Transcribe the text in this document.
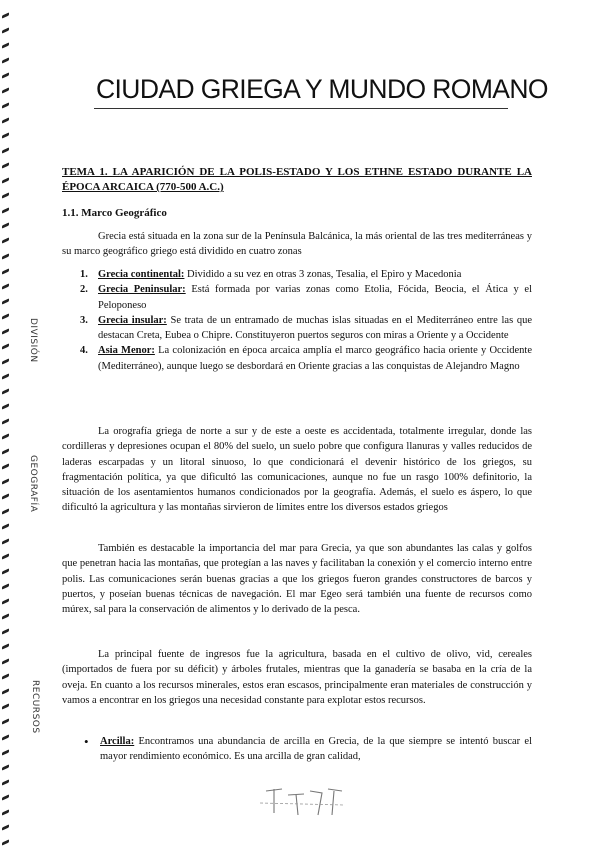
DIVISIÓN
GEOGRAFÍA
RECURSOS
CIUDAD GRIEGA Y MUNDO ROMANO
TEMA 1. LA APARICIÓN DE LA POLIS-ESTADO Y LOS ETHNE ESTADO DURANTE LA ÉPOCA ARCAICA (770-500 A.C.)
1.1. Marco Geográfico

Grecia está situada en la zona sur de la Península Balcánica, la más oriental de las tres mediterráneas y su marco geográfico griego está dividido en cuatro zonas

1. Grecia continental: Dividido a su vez en otras 3 zonas, Tesalia, el Epiro y Macedonia
2. Grecia Peninsular: Está formada por varias zonas como Etolia, Fócida, Beocia, el Ática y el Peloponeso
3. Grecia insular: Se trata de un entramado de muchas islas situadas en el Mediterráneo entre las que destacan Creta, Eubea o Chipre. Constituyeron puertos seguros con miras a Oriente y a Occidente
4. Asia Menor: La colonización en época arcaica amplía el marco geográfico hacia oriente y Occidente (Mediterráneo), aunque luego se desbordará en Oriente gracias a las conquistas de Alejandro Magno

La orografía griega de norte a sur y de este a oeste es accidentada, totalmente irregular, donde las cordilleras y depresiones ocupan el 80% del suelo, un suelo pobre que configura llanuras y valles reducidos de laderas escarpadas y un litoral sinuoso, lo que condicionará el devenir histórico de los griegos, su fragmentación política, ya que dificultó las comunicaciones, aunque no fue un rasgo 100% definitorio, la situación de los asentamientos humanos condicionados por la geografía. Además, el suelo es áspero, lo que dificultó la agricultura y las montañas sirvieron de límites entre los diversos estados griegos

También es destacable la importancia del mar para Grecia, ya que son abundantes las calas y golfos que penetran hacia las montañas, que protegían a las naves y facilitaban la conexión y el comercio interno entre polis. Las comunicaciones serán buenas gracias a que los griegos fueron grandes constructores de barcos y puertos, y poseían buenas técnicas de navegación. El mar Egeo será también una fuente de recursos como múrex, sal para la conservación de alimentos y lo derivado de la pesca.

La principal fuente de ingresos fue la agricultura, basada en el cultivo de olivo, vid, cereales (importados de fuera por su déficit) y árboles frutales, mientras que la ganadería se basaba en la cría de la oveja. En cuanto a los recursos minerales, estos eran escasos, principalmente eran materiales de construcción y vamos a encontrar en los griegos una necesidad constante para explotar estos recursos.

• Arcilla: Encontramos una abundancia de arcilla en Grecia, de la que siempre se intentó buscar el mayor rendimiento económico. Es una arcilla de gran calidad,
